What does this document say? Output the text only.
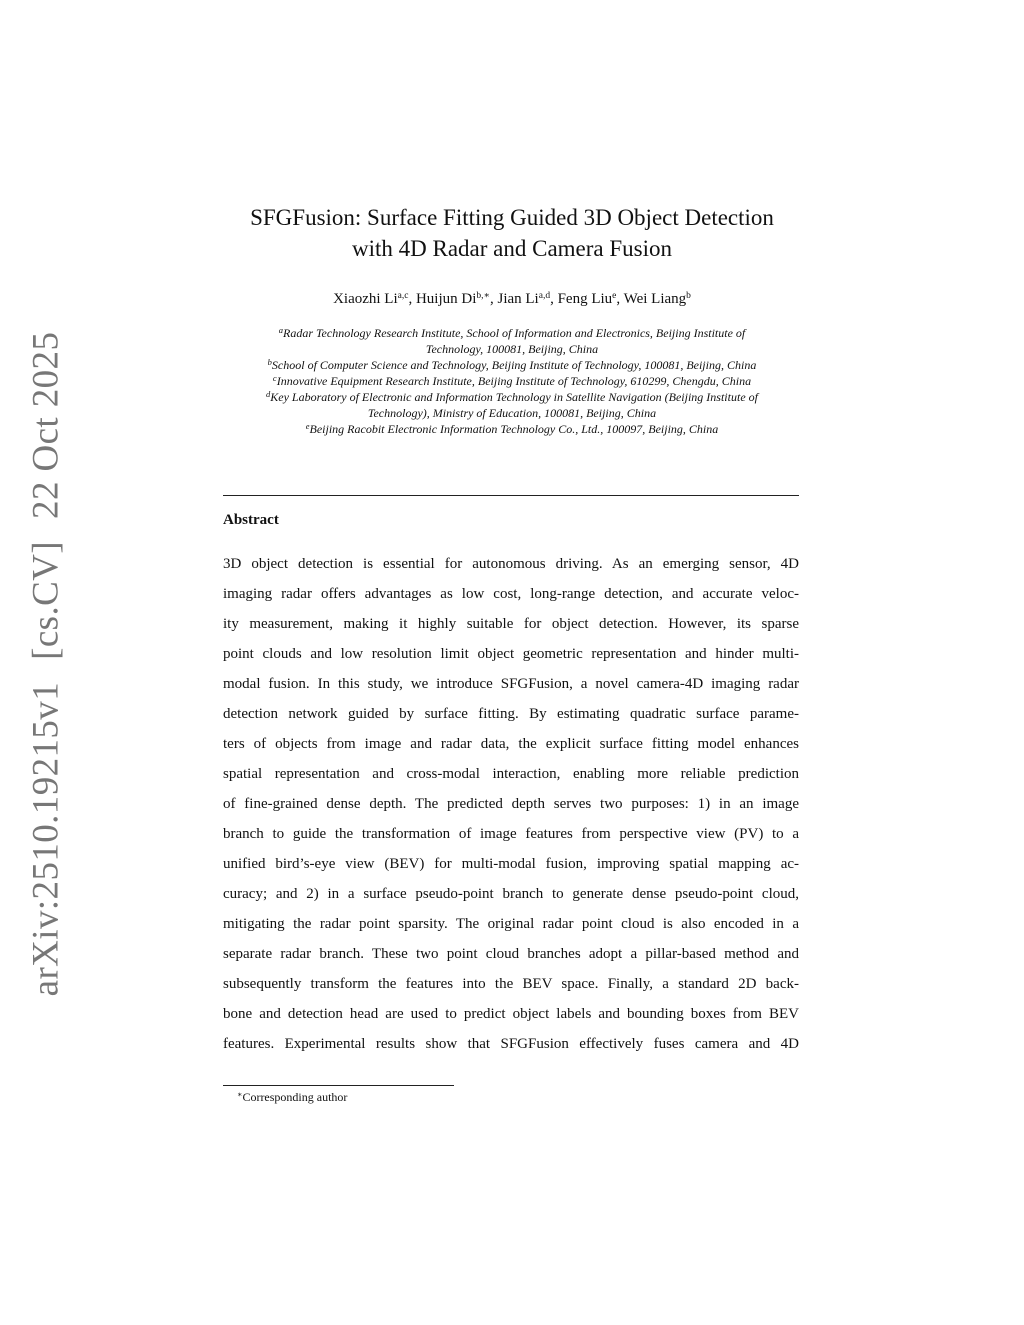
arXiv:2510.19215v1[cs.CV]22 Oct 2025
SFGFusion: Surface Fitting Guided 3D Object Detection
with 4D Radar and Camera Fusion
Xiaozhi Li$^{a,c}$, Huijun $Di^{b,∗}$, Jian Li$^{a,d}$, Feng Liu$^e$, Wei Liang$^b$
$^a$Radar Technology Research Institute, School of Information and Electronics, Beijing Institute of
Technology, 100081, Beijing, China
$^b$School of Computer Science and Technology, Beijing Institute of Technology, 100081, Beijing, China
$^c$Innovative Equipment Research Institute, Beijing Institute of Technology, 610299, Chengdu, China
$^d$Key Laboratory of Electronic and Information Technology in Satellite Navigation (Beijing Institute of
Technology), Ministry of Education, 100081, Beijing, China
$^e$Beijing Racobit Electronic Information Technology Co., Ltd., 100097, Beijing, China
Abstract
3D object detection is essential for autonomous driving. As an emerging sensor, 4D
imaging radar offers advantages as low cost, long-range detection, and accurate veloc-
ity measurement, making it highly suitable for object detection. However, its sparse
point clouds and low resolution limit object geometric representation and hinder multi-
modal fusion. In this study, we introduce SFGFusion, a novel camera-4D imaging radar
detection network guided by surface fitting. By estimating quadratic surface parame-
ters of objects from image and radar data, the explicit surface fitting model enhances
spatial representation and cross-modal interaction, enabling more reliable prediction
of fine-grained dense depth. The predicted depth serves two purposes: 1) in an image
branch to guide the transformation of image features from perspective view (PV) to a
unified bird’s-eye view (BEV) for multi-modal fusion, improving spatial mapping ac-
curacy; and 2) in a surface pseudo-point branch to generate dense pseudo-point cloud,
mitigating the radar point sparsity. The original radar point cloud is also encoded in a
separate radar branch. These two point cloud branches adopt a pillar-based method and
subsequently transform the features into the BEV space. Finally, a standard 2D back-
bone and detection head are used to predict object labels and bounding boxes from BEV
features. Experimental results show that SFGFusion effectively fuses camera and 4D
∗Corresponding author
